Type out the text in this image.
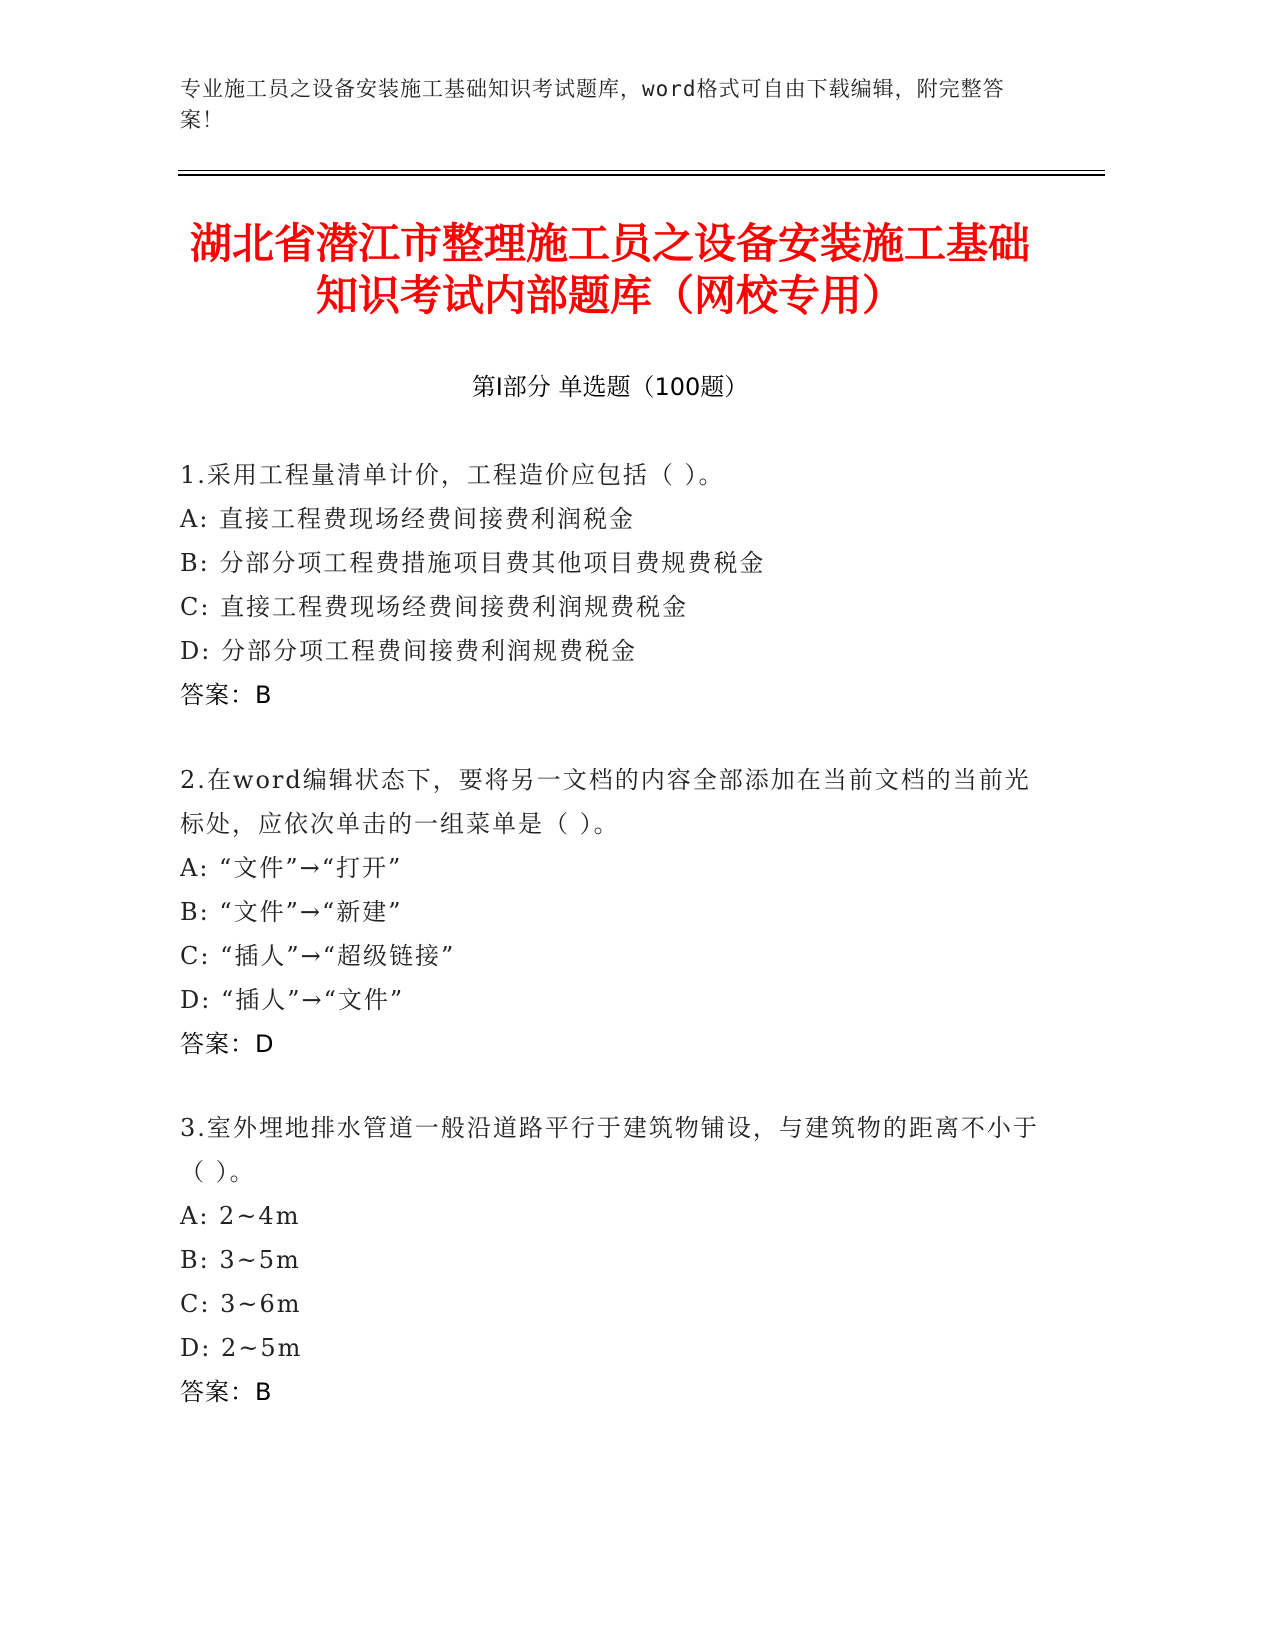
专业施工员之设备安装施工基础知识考试题库，word格式可自由下载编辑，附完整答案！
湖北省潜江市整理施工员之设备安装施工基础知识考试内部题库（网校专用）
第Ⅰ部分 单选题（100题）
1.采用工程量清单计价，工程造价应包括（ ）。
A: 直接工程费现场经费间接费利润税金
B: 分部分项工程费措施项目费其他项目费规费税金
C: 直接工程费现场经费间接费利润规费税金
D: 分部分项工程费间接费利润规费税金
答案：B
2.在word编辑状态下，要将另一文档的内容全部添加在当前文档的当前光标处，应依次单击的一组菜单是（ ）。
A: “文件”→“打开”
B: “文件”→“新建”
C: “插人”→“超级链接”
D: “插人”→“文件”
答案：D
3.室外埋地排水管道一般沿道路平行于建筑物铺设，与建筑物的距离不小于（ ）。
A: 2~4m
B: 3~5m
C: 3~6m
D: 2~5m
答案：B
